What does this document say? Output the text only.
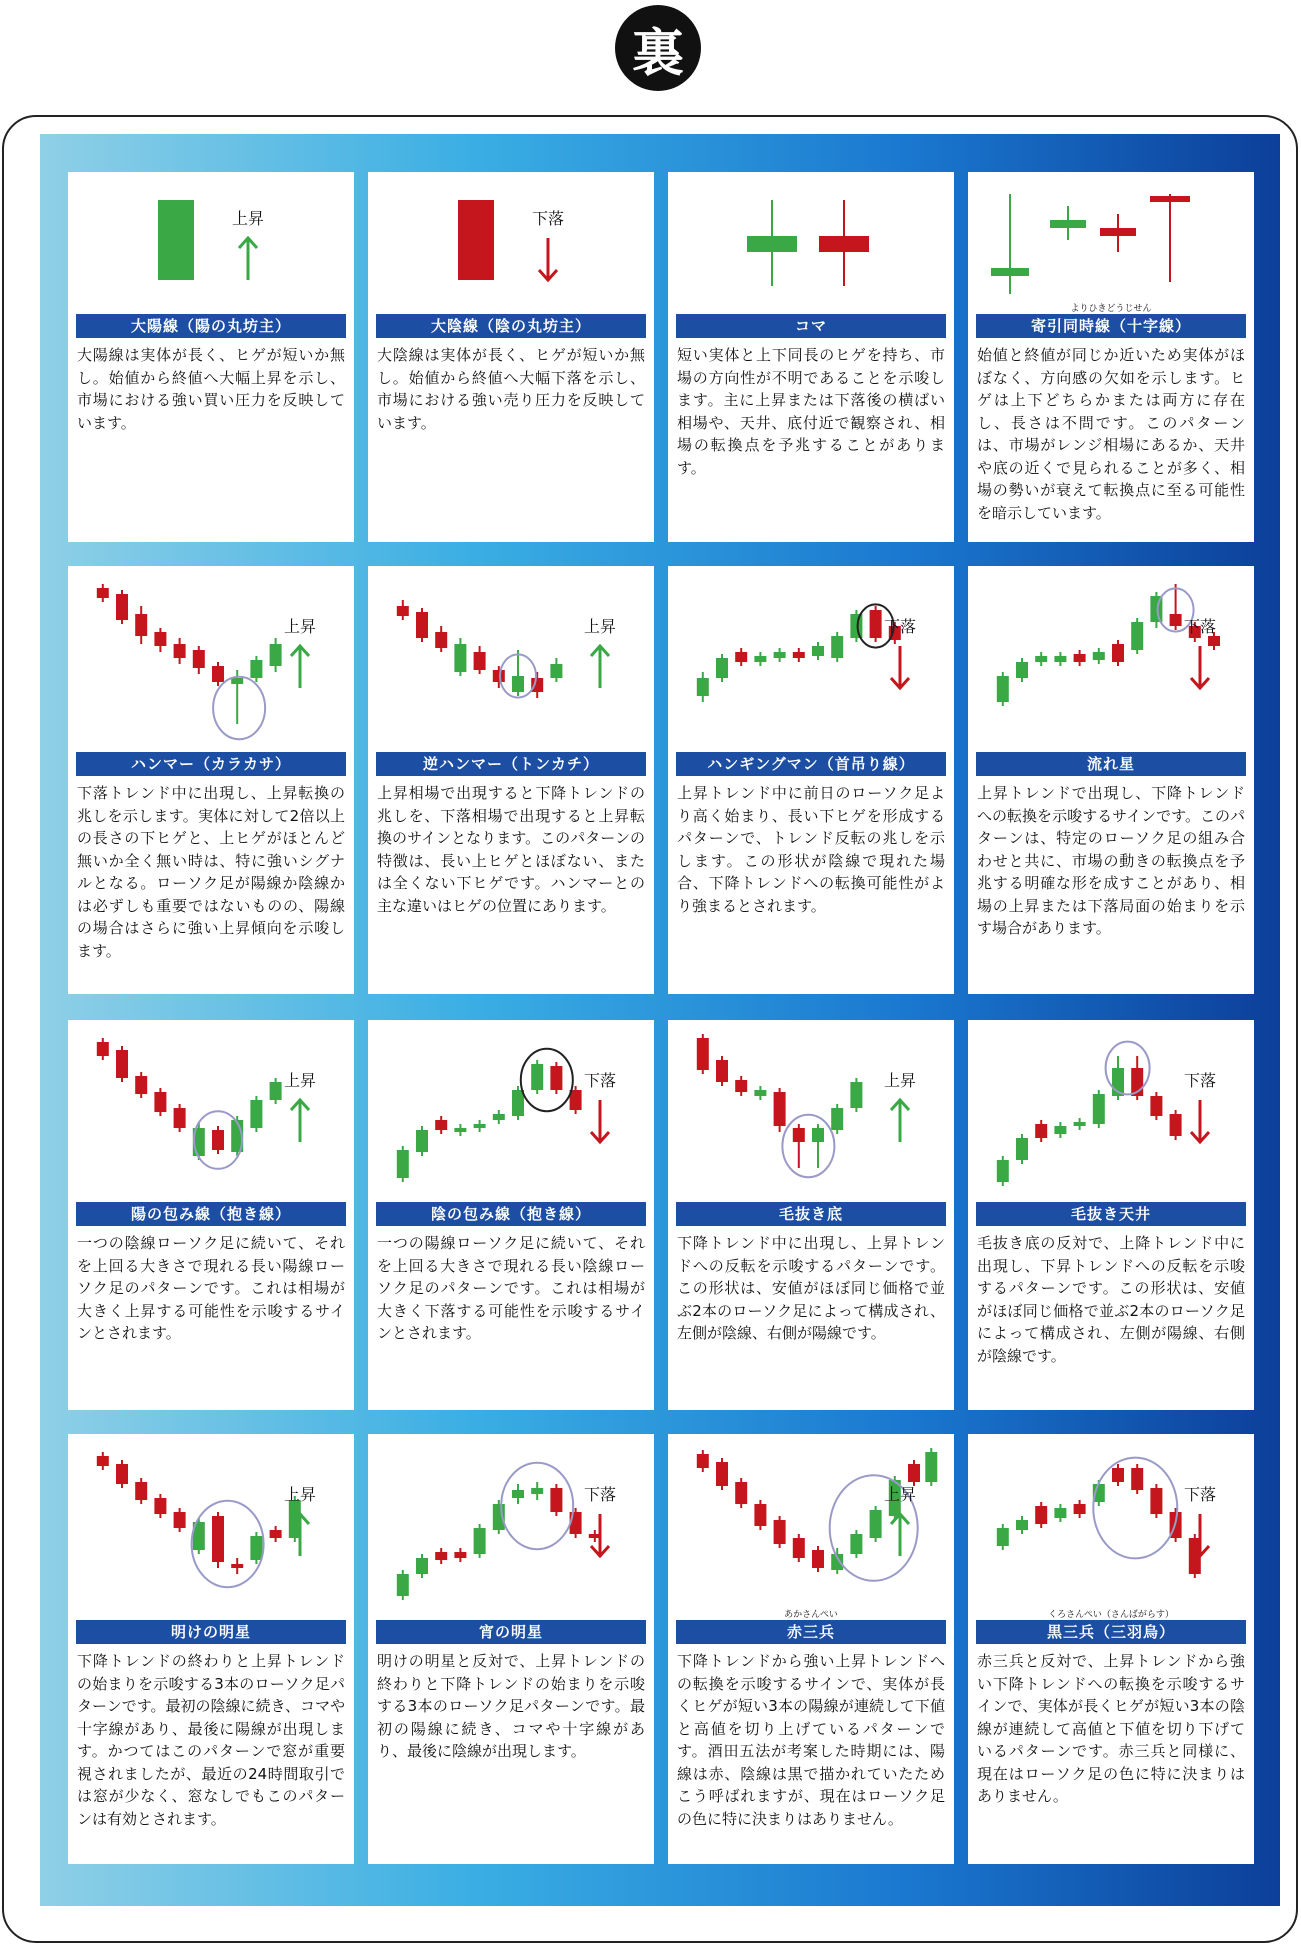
裏
上昇
大陽線（陽の丸坊主）

大陽線は実体が長く、ヒゲが短いか無し。始値から終値へ大幅上昇を示し、市場における強い買い圧力を反映しています。

下落
大陰線（陰の丸坊主）

大陰線は実体が長く、ヒゲが短いか無し。始値から終値へ大幅下落を示し、市場における強い売り圧力を反映しています。

コマ

短い実体と上下同長のヒゲを持ち、市場の方向性が不明であることを示唆します。主に上昇または下落後の横ばい相場や、天井、底付近で観察され、相場の転換点を予兆することがあります。

よりひきどうじせん
寄引同時線（十字線）

始値と終値が同じか近いため実体がほぼなく、方向感の欠如を示します。ヒゲは上下どちらかまたは両方に存在し、長さは不問です。このパターンは、市場がレンジ相場にあるか、天井や底の近くで見られることが多く、相場の勢いが衰えて転換点に至る可能性を暗示しています。

上昇
ハンマー（カラカサ）

下落トレンド中に出現し、上昇転換の兆しを示します。実体に対して2倍以上の長さの下ヒゲと、上ヒゲがほとんど無いか全く無い時は、特に強いシグナルとなる。ローソク足が陽線か陰線かは必ずしも重要ではないものの、陽線の場合はさらに強い上昇傾向を示唆します。

上昇
逆ハンマー（トンカチ）

上昇相場で出現すると下降トレンドの兆しを、下落相場で出現すると上昇転換のサインとなります。このパターンの特徴は、長い上ヒゲとほぼない、または全くない下ヒゲです。ハンマーとの主な違いはヒゲの位置にあります。

下落
ハンギングマン（首吊り線）

上昇トレンド中に前日のローソク足より高く始まり、長い下ヒゲを形成するパターンで、トレンド反転の兆しを示します。この形状が陰線で現れた場合、下降トレンドへの転換可能性がより強まるとされます。

下落
流れ星

上昇トレンドで出現し、下降トレンドへの転換を示唆するサインです。このパターンは、特定のローソク足の組み合わせと共に、市場の動きの転換点を予兆する明確な形を成すことがあり、相場の上昇または下落局面の始まりを示す場合があります。

上昇
陽の包み線（抱き線）

一つの陰線ローソク足に続いて、それを上回る大きさで現れる長い陽線ローソク足のパターンです。これは相場が大きく上昇する可能性を示唆するサインとされます。

下落
陰の包み線（抱き線）

一つの陽線ローソク足に続いて、それを上回る大きさで現れる長い陰線ローソク足のパターンです。これは相場が大きく下落する可能性を示唆するサインとされます。

上昇
毛抜き底

下降トレンド中に出現し、上昇トレンドへの反転を示唆するパターンです。この形状は、安値がほぼ同じ価格で並ぶ2本のローソク足によって構成され、左側が陰線、右側が陽線です。

下落
毛抜き天井

毛抜き底の反対で、上降トレンド中に出現し、下昇トレンドへの反転を示唆するパターンです。この形状は、安値がほぼ同じ価格で並ぶ2本のローソク足によって構成され、左側が陽線、右側が陰線です。

上昇
明けの明星

下降トレンドの終わりと上昇トレンドの始まりを示唆する3本のローソク足パターンです。最初の陰線に続き、コマや十字線があり、最後に陽線が出現します。かつてはこのパターンで窓が重要視されましたが、最近の24時間取引では窓が少なく、窓なしでもこのパターンは有効とされます。

下落
宵の明星

明けの明星と反対で、上昇トレンドの終わりと下降トレンドの始まりを示唆する3本のローソク足パターンです。最初の陽線に続き、コマや十字線があり、最後に陰線が出現します。

上昇
あかさんぺい
赤三兵

下降トレンドから強い上昇トレンドへの転換を示唆するサインで、実体が長くヒゲが短い3本の陽線が連続して下値と高値を切り上げているパターンです。酒田五法が考案した時期には、陽線は赤、陰線は黒で描かれていたためこう呼ばれますが、現在はローソク足の色に特に決まりはありません。

下落
くろさんぺい（さんばがらす）
黒三兵（三羽烏）

赤三兵と反対で、上昇トレンドから強い下降トレンドへの転換を示唆するサインで、実体が長くヒゲが短い3本の陰線が連続して高値と下値を切り下げているパターンです。赤三兵と同様に、現在はローソク足の色に特に決まりはありません。
